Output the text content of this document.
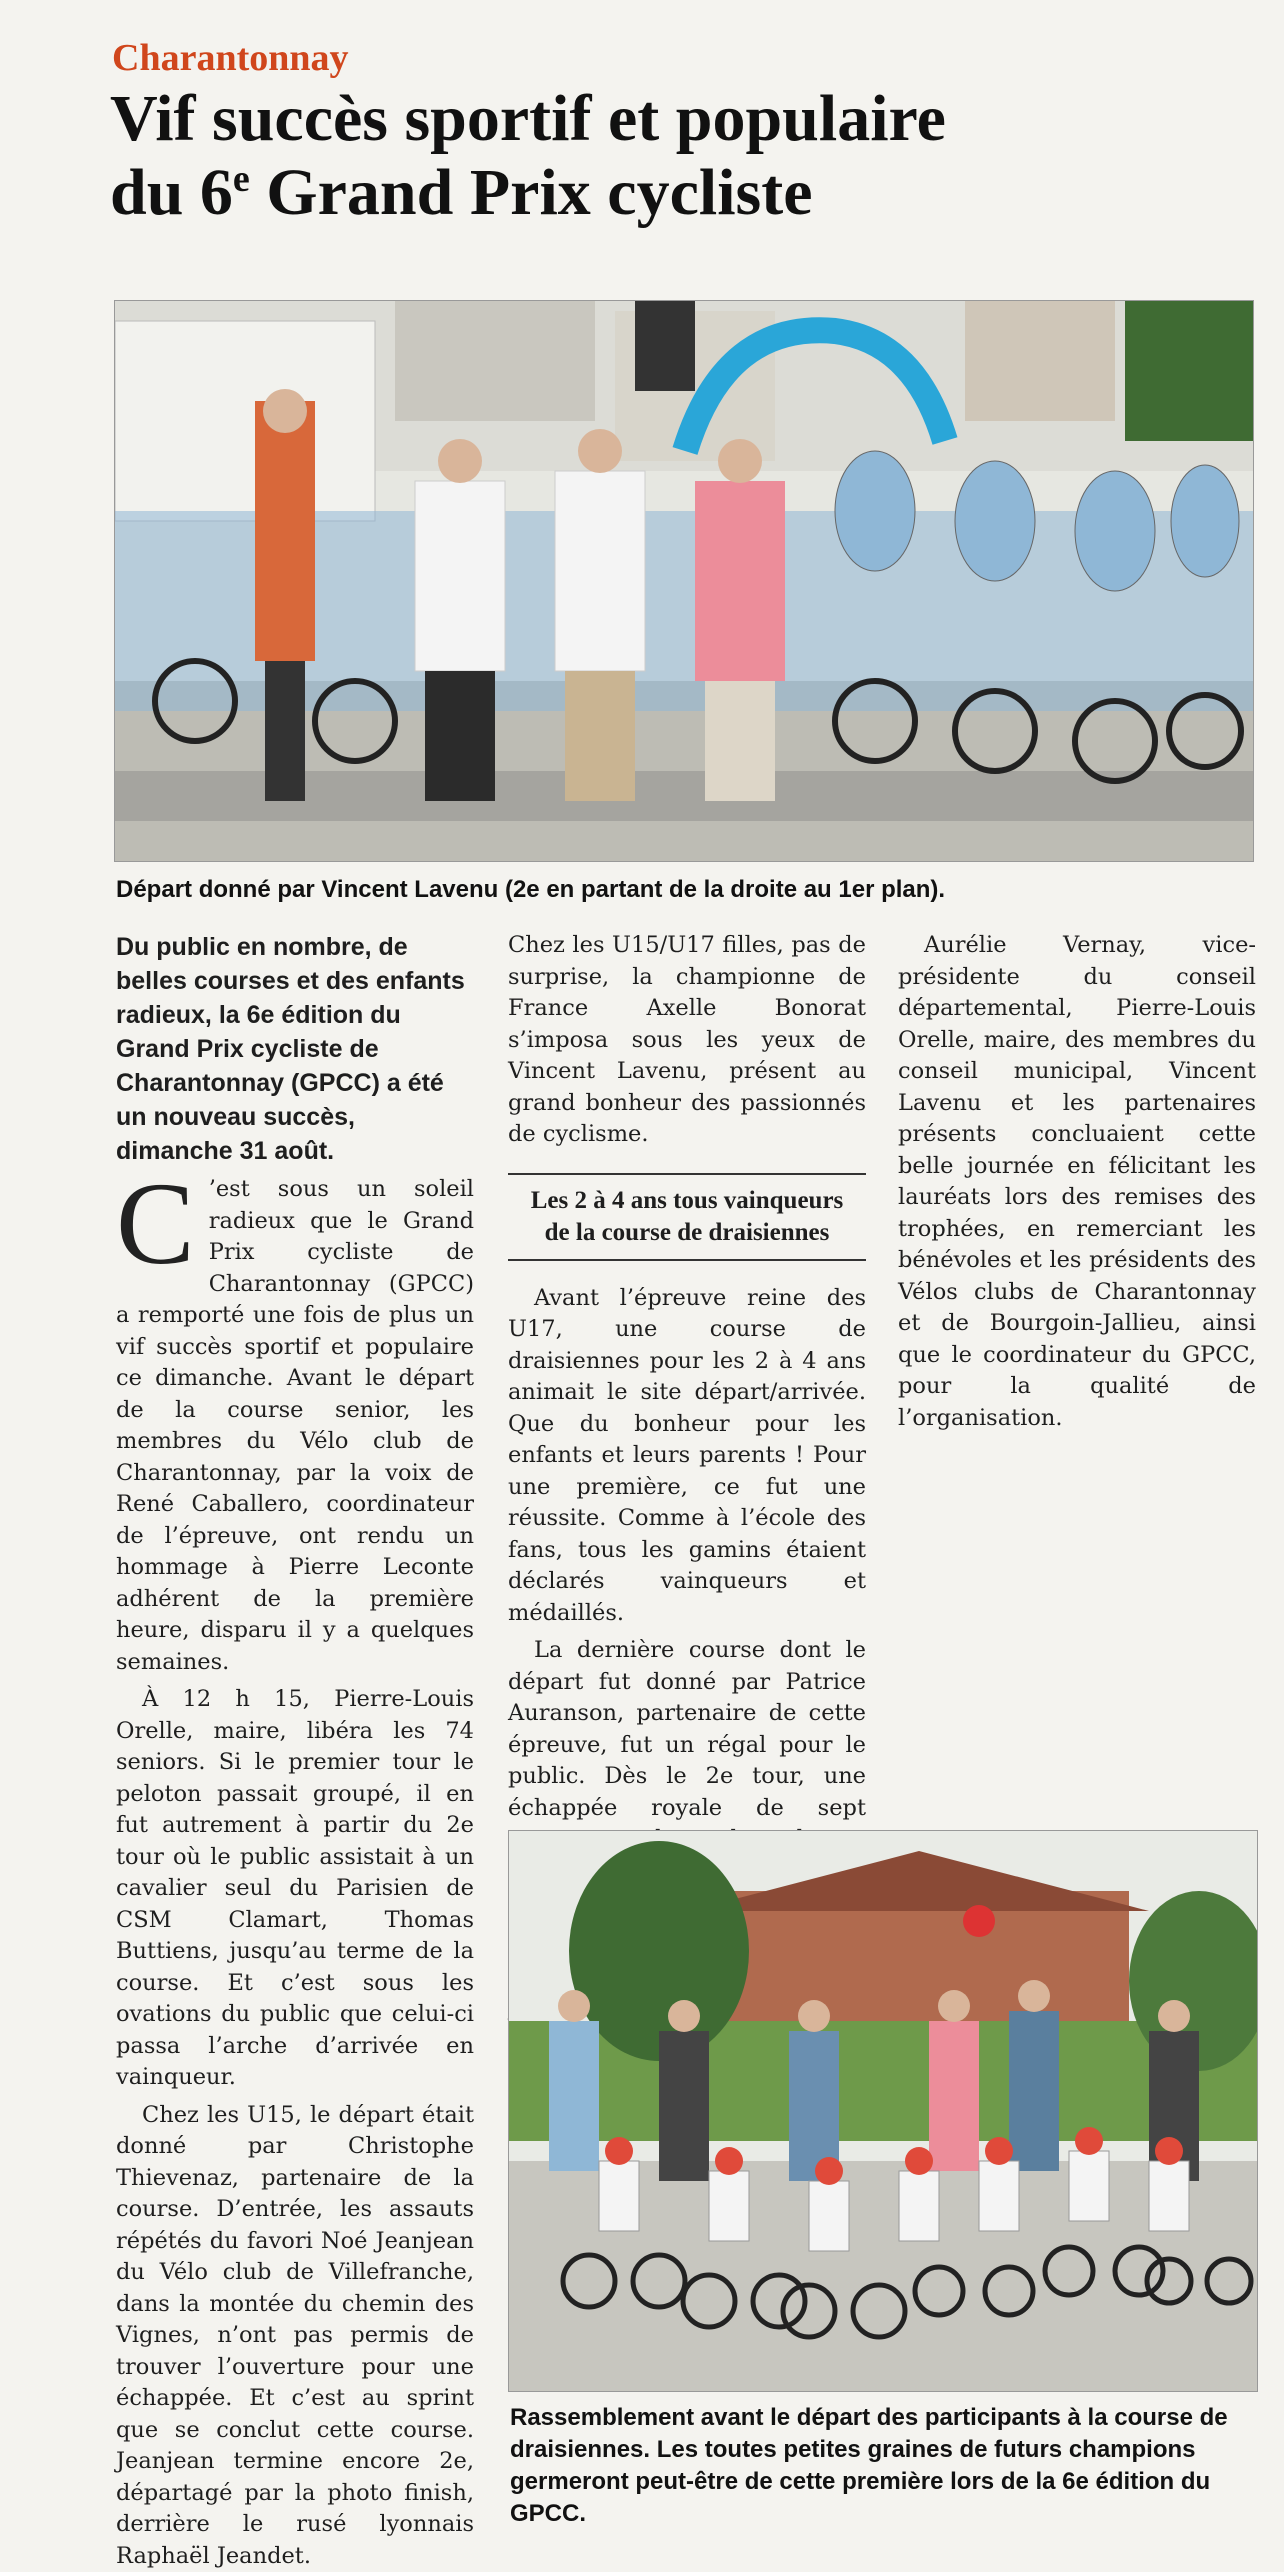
Charantonnay
Vif succès sportif et populaire
du 6e Grand Prix cycliste
Départ donné par Vincent Lavenu (2e en partant de la droite au 1er plan).

Du public en nombre, de belles courses et des enfants radieux, la 6e édition du Grand Prix cycliste de Charantonnay (GPCC) a été un nouveau succès, dimanche 31 août.

C ’est sous un soleil radieux que le Grand Prix cycliste de Charantonnay (GPCC) a remporté une fois de plus un vif succès sportif et populaire ce dimanche. Avant le départ de la course senior, les membres du Vélo club de Charantonnay, par la voix de René Caballero, coordinateur de l’épreuve, ont rendu un hommage à Pierre Leconte adhérent de la première heure, disparu il y a quelques semaines.

À 12 h 15, Pierre-Louis Orelle, maire, libéra les 74 seniors. Si le premier tour le peloton passait groupé, il en fut autrement à partir du 2e tour où le public assistait à un cavalier seul du Parisien de CSM Clamart, Thomas Buttiens, jusqu’au terme de la course. Et c’est sous les ovations du public que celui-ci passa l’arche d’arrivée en vainqueur.

Chez les U15, le départ était donné par Christophe Thievenaz, partenaire de la course. D’entrée, les assauts répétés du favori Noé Jeanjean du Vélo club de Villefranche, dans la montée du chemin des Vignes, n’ont pas permis de trouver l’ouverture pour une échappée. Et c’est au sprint que se conclut cette course. Jeanjean termine encore 2e, départagé par la photo finish, derrière le rusé lyonnais Raphaël Jeandet.

Chez les U15/U17 filles, pas de surprise, la championne de France Axelle Bonorat s’imposa sous les yeux de Vincent Lavenu, présent au grand bonheur des passionnés de cyclisme.

Les 2 à 4 ans tous vainqueurs de la course de draisiennes

Avant l’épreuve reine des U17, une course de draisiennes pour les 2 à 4 ans animait le site départ/arrivée. Que du bonheur pour les enfants et leurs parents ! Pour une première, ce fut une réussite. Comme à l’école des fans, tous les gamins étaient déclarés vainqueurs et médaillés.

La dernière course dont le départ fut donné par Patrice Auranson, partenaire de cette épreuve, fut un régal pour le public. Dès le 2e tour, une échappée royale de sept

Aurélie Vernay, vice-présidente du conseil départemental, Pierre-Louis Orelle, maire, des membres du conseil municipal, Vincent Lavenu et les partenaires présents concluaient cette belle journée en félicitant les lauréats lors des remises des trophées, en remerciant les bénévoles et les présidents des Vélos clubs de Charantonnay et de Bourgoin-Jallieu, ainsi que le coordinateur du GPCC, pour la qualité de l’organisation.

Rassemblement avant le départ des participants à la course de draisiennes. Les toutes petites graines de futurs champions germeront peut-être de cette première lors de la 6e édition du GPCC.
